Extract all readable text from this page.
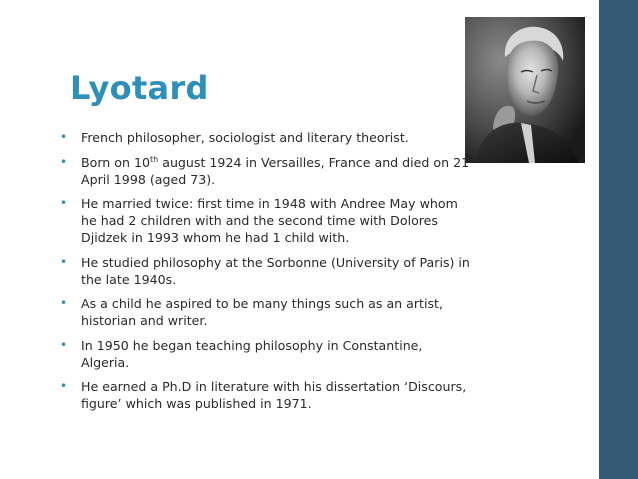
Lyotard
• French philosopher, sociologist and literary theorist.
• Born on 10th august 1924 in Versailles, France and died on 21 April 1998 (aged 73).
• He married twice: first time in 1948 with Andree May whom he had 2 children with and the second time with Dolores Djidzek in 1993 whom he had 1 child with.
• He studied philosophy at the Sorbonne (University of Paris) in the late 1940s.
• As a child he aspired to be many things such as an artist, historian and writer.
• In 1950 he began teaching philosophy in Constantine, Algeria.
• He earned a Ph.D in literature with his dissertation ‘Discours, figure’ which was published in 1971.
